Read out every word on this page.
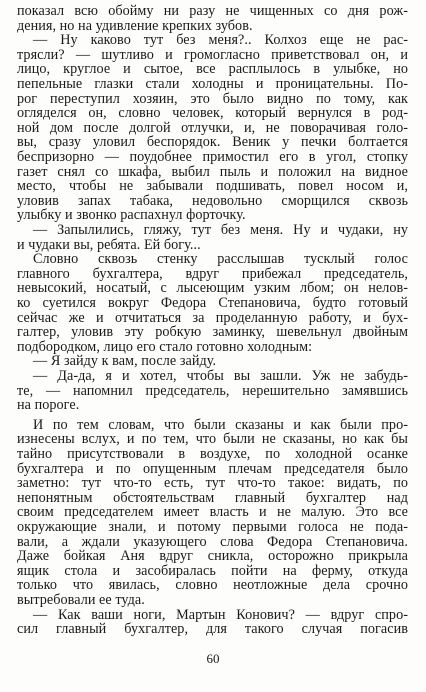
показал всю обойму ни разу не чищенных со дня рож-
дения, но на удивление крепких зубов.
— Ну каково тут без меня?.. Колхоз еще не рас-
трясли? — шутливо и громогласно приветствовал он, и
лицо, круглое и сытое, все расплылось в улыбке, но
пепельные глазки стали холодны и проницательны. По-
рог переступил хозяин, это было видно по тому, как
огляделся он, словно человек, который вернулся в род-
ной дом после долгой отлучки, и, не поворачивая голо-
вы, сразу уловил беспорядок. Веник у печки болтается
беспризорно — поудобнее примостил его в угол, стопку
газет снял со шкафа, выбил пыль и положил на видное
место, чтобы не забывали подшивать, повел носом и,
уловив запах табака, недовольно сморщился сквозь
улыбку и звонко распахнул форточку.
— Запылились, гляжу, тут без меня. Ну и чудаки, ну
и чудаки вы, ребята. Ей богу...
Словно сквозь стенку расслышав тусклый голос
главного бухгалтера, вдруг прибежал председатель,
невысокий, носатый, с лысеющим узким лбом; он нелов-
ко суетился вокруг Федора Степановича, будто готовый
сейчас же и отчитаться за проделанную работу, и бух-
галтер, уловив эту робкую заминку, шевельнул двойным
подбородком, лицо его стало готовно холодным:
— Я зайду к вам, после зайду.
— Да-да, я и хотел, чтобы вы зашли. Уж не забудь-
те, — напомнил председатель, нерешительно замявшись
на пороге.
И по тем словам, что были сказаны и как были про-
изнесены вслух, и по тем, что были не сказаны, но как бы
тайно присутствовали в воздухе, по холодной осанке
бухгалтера и по опущенным плечам председателя было
заметно: тут что-то есть, тут что-то такое: видать, по
непонятным обстоятельствам главный бухгалтер над
своим председателем имеет власть и не малую. Это все
окружающие знали, и потому первыми голоса не пода-
вали, а ждали указующего слова Федора Степановича.
Даже бойкая Аня вдруг сникла, осторожно прикрыла
ящик стола и засобиралась пойти на ферму, откуда
только что явилась, словно неотложные дела срочно
вытребовали ее туда.
— Как ваши ноги, Мартын Конович? — вдруг спро-
сил главный бухгалтер, для такого случая погасив
60
